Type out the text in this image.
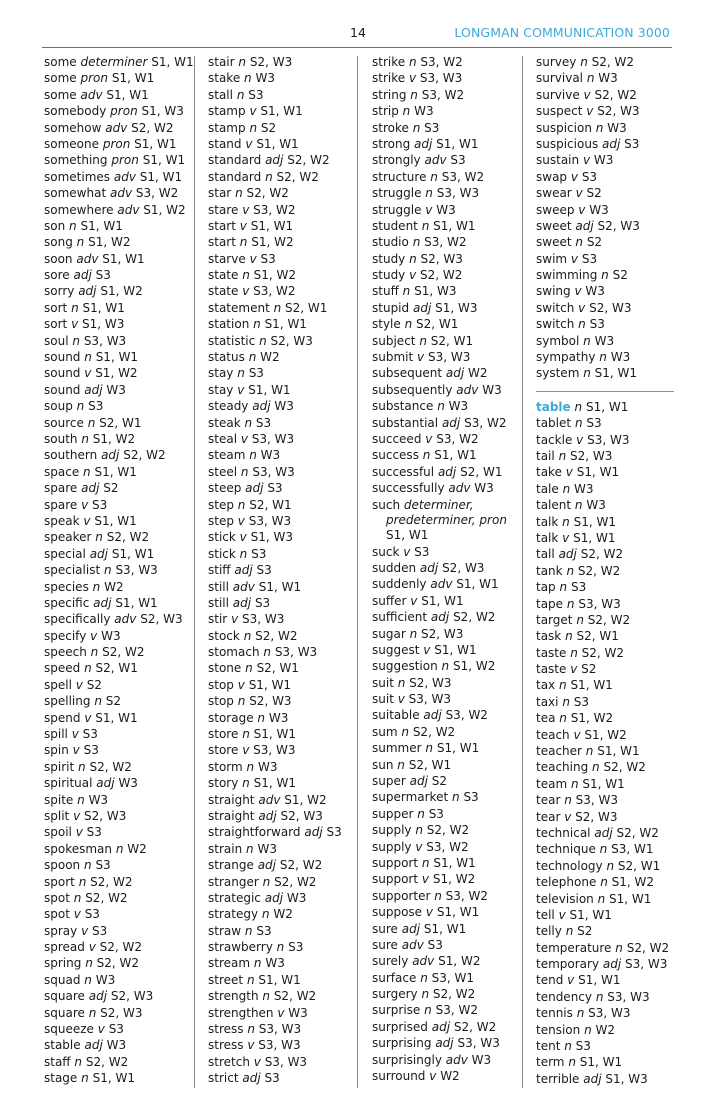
14	LONGMAN COMMUNICATION 3000
some determiner S1, W1
some pron S1, W1
some adv S1, W1
somebody pron S1, W3
somehow adv S2, W2
someone pron S1, W1
something pron S1, W1
sometimes adv S1, W1
somewhat adv S3, W2
somewhere adv S1, W2
son n S1, W1
song n S1, W2
soon adv S1, W1
sore adj S3
sorry adj S1, W2
sort n S1, W1
sort v S1, W3
soul n S3, W3
sound n S1, W1
sound v S1, W2
sound adj W3
soup n S3
source n S2, W1
south n S1, W2
southern adj S2, W2
space n S1, W1
spare adj S2
spare v S3
speak v S1, W1
speaker n S2, W2
special adj S1, W1
specialist n S3, W3
species n W2
specific adj S1, W1
specifically adv S2, W3
specify v W3
speech n S2, W2
speed n S2, W1
spell v S2
spelling n S2
spend v S1, W1
spill v S3
spin v S3
spirit n S2, W2
spiritual adj W3
spite n W3
split v S2, W3
spoil v S3
spokesman n W2
spoon n S3
sport n S2, W2
spot n S2, W2
spot v S3
spray v S3
spread v S2, W2
spring n S2, W2
squad n W3
square adj S2, W3
square n S2, W3
squeeze v S3
stable adj W3
staff n S2, W2
stage n S1, W1
stair n S2, W3
stake n W3
stall n S3
stamp v S1, W1
stamp n S2
stand v S1, W1
standard adj S2, W2
standard n S2, W2
star n S2, W2
stare v S3, W2
start v S1, W1
start n S1, W2
starve v S3
state n S1, W2
state v S3, W2
statement n S2, W1
station n S1, W1
statistic n S2, W3
status n W2
stay n S3
stay v S1, W1
steady adj W3
steak n S3
steal v S3, W3
steam n W3
steel n S3, W3
steep adj S3
step n S2, W1
step v S3, W3
stick v S1, W3
stick n S3
stiff adj S3
still adv S1, W1
still adj S3
stir v S3, W3
stock n S2, W2
stomach n S3, W3
stone n S2, W1
stop v S1, W1
stop n S2, W3
storage n W3
store n S1, W1
store v S3, W3
storm n W3
story n S1, W1
straight adv S1, W2
straight adj S2, W3
straightforward adj S3
strain n W3
strange adj S2, W2
stranger n S2, W2
strategic adj W3
strategy n W2
straw n S3
strawberry n S3
stream n W3
street n S1, W1
strength n S2, W2
strengthen v W3
stress n S3, W3
stress v S3, W3
stretch v S3, W3
strict adj S3
strike n S3, W2
strike v S3, W3
string n S3, W2
strip n W3
stroke n S3
strong adj S1, W1
strongly adv S3
structure n S3, W2
struggle n S3, W3
struggle v W3
student n S1, W1
studio n S3, W2
study n S2, W3
study v S2, W2
stuff n S1, W3
stupid adj S1, W3
style n S2, W1
subject n S2, W1
submit v S3, W3
subsequent adj W2
subsequently adv W3
substance n W3
substantial adj S3, W2
succeed v S3, W2
success n S1, W1
successful adj S2, W1
successfully adv W3
such determiner,
predeterminer, pron
S1, W1
suck v S3
sudden adj S2, W3
suddenly adv S1, W1
suffer v S1, W1
sufficient adj S2, W2
sugar n S2, W3
suggest v S1, W1
suggestion n S1, W2
suit n S2, W3
suit v S3, W3
suitable adj S3, W2
sum n S2, W2
summer n S1, W1
sun n S2, W1
super adj S2
supermarket n S3
supper n S3
supply n S2, W2
supply v S3, W2
support n S1, W1
support v S1, W2
supporter n S3, W2
suppose v S1, W1
sure adj S1, W1
sure adv S3
surely adv S1, W2
surface n S3, W1
surgery n S2, W2
surprise n S3, W2
surprised adj S2, W2
surprising adj S3, W3
surprisingly adv W3
surround v W2
survey n S2, W2
survival n W3
survive v S2, W2
suspect v S2, W3
suspicion n W3
suspicious adj S3
sustain v W3
swap v S3
swear v S2
sweep v W3
sweet adj S2, W3
sweet n S2
swim v S3
swimming n S2
swing v W3
switch v S2, W3
switch n S3
symbol n W3
sympathy n W3
system n S1, W1
table n S1, W1
tablet n S3
tackle v S3, W3
tail n S2, W3
take v S1, W1
tale n W3
talent n W3
talk n S1, W1
talk v S1, W1
tall adj S2, W2
tank n S2, W2
tap n S3
tape n S3, W3
target n S2, W2
task n S2, W1
taste n S2, W2
taste v S2
tax n S1, W1
taxi n S3
tea n S1, W2
teach v S1, W2
teacher n S1, W1
teaching n S2, W2
team n S1, W1
tear n S3, W3
tear v S2, W3
technical adj S2, W2
technique n S3, W1
technology n S2, W1
telephone n S1, W2
television n S1, W1
tell v S1, W1
telly n S2
temperature n S2, W2
temporary adj S3, W3
tend v S1, W1
tendency n S3, W3
tennis n S3, W3
tension n W2
tent n S3
term n S1, W1
terrible adj S1, W3
